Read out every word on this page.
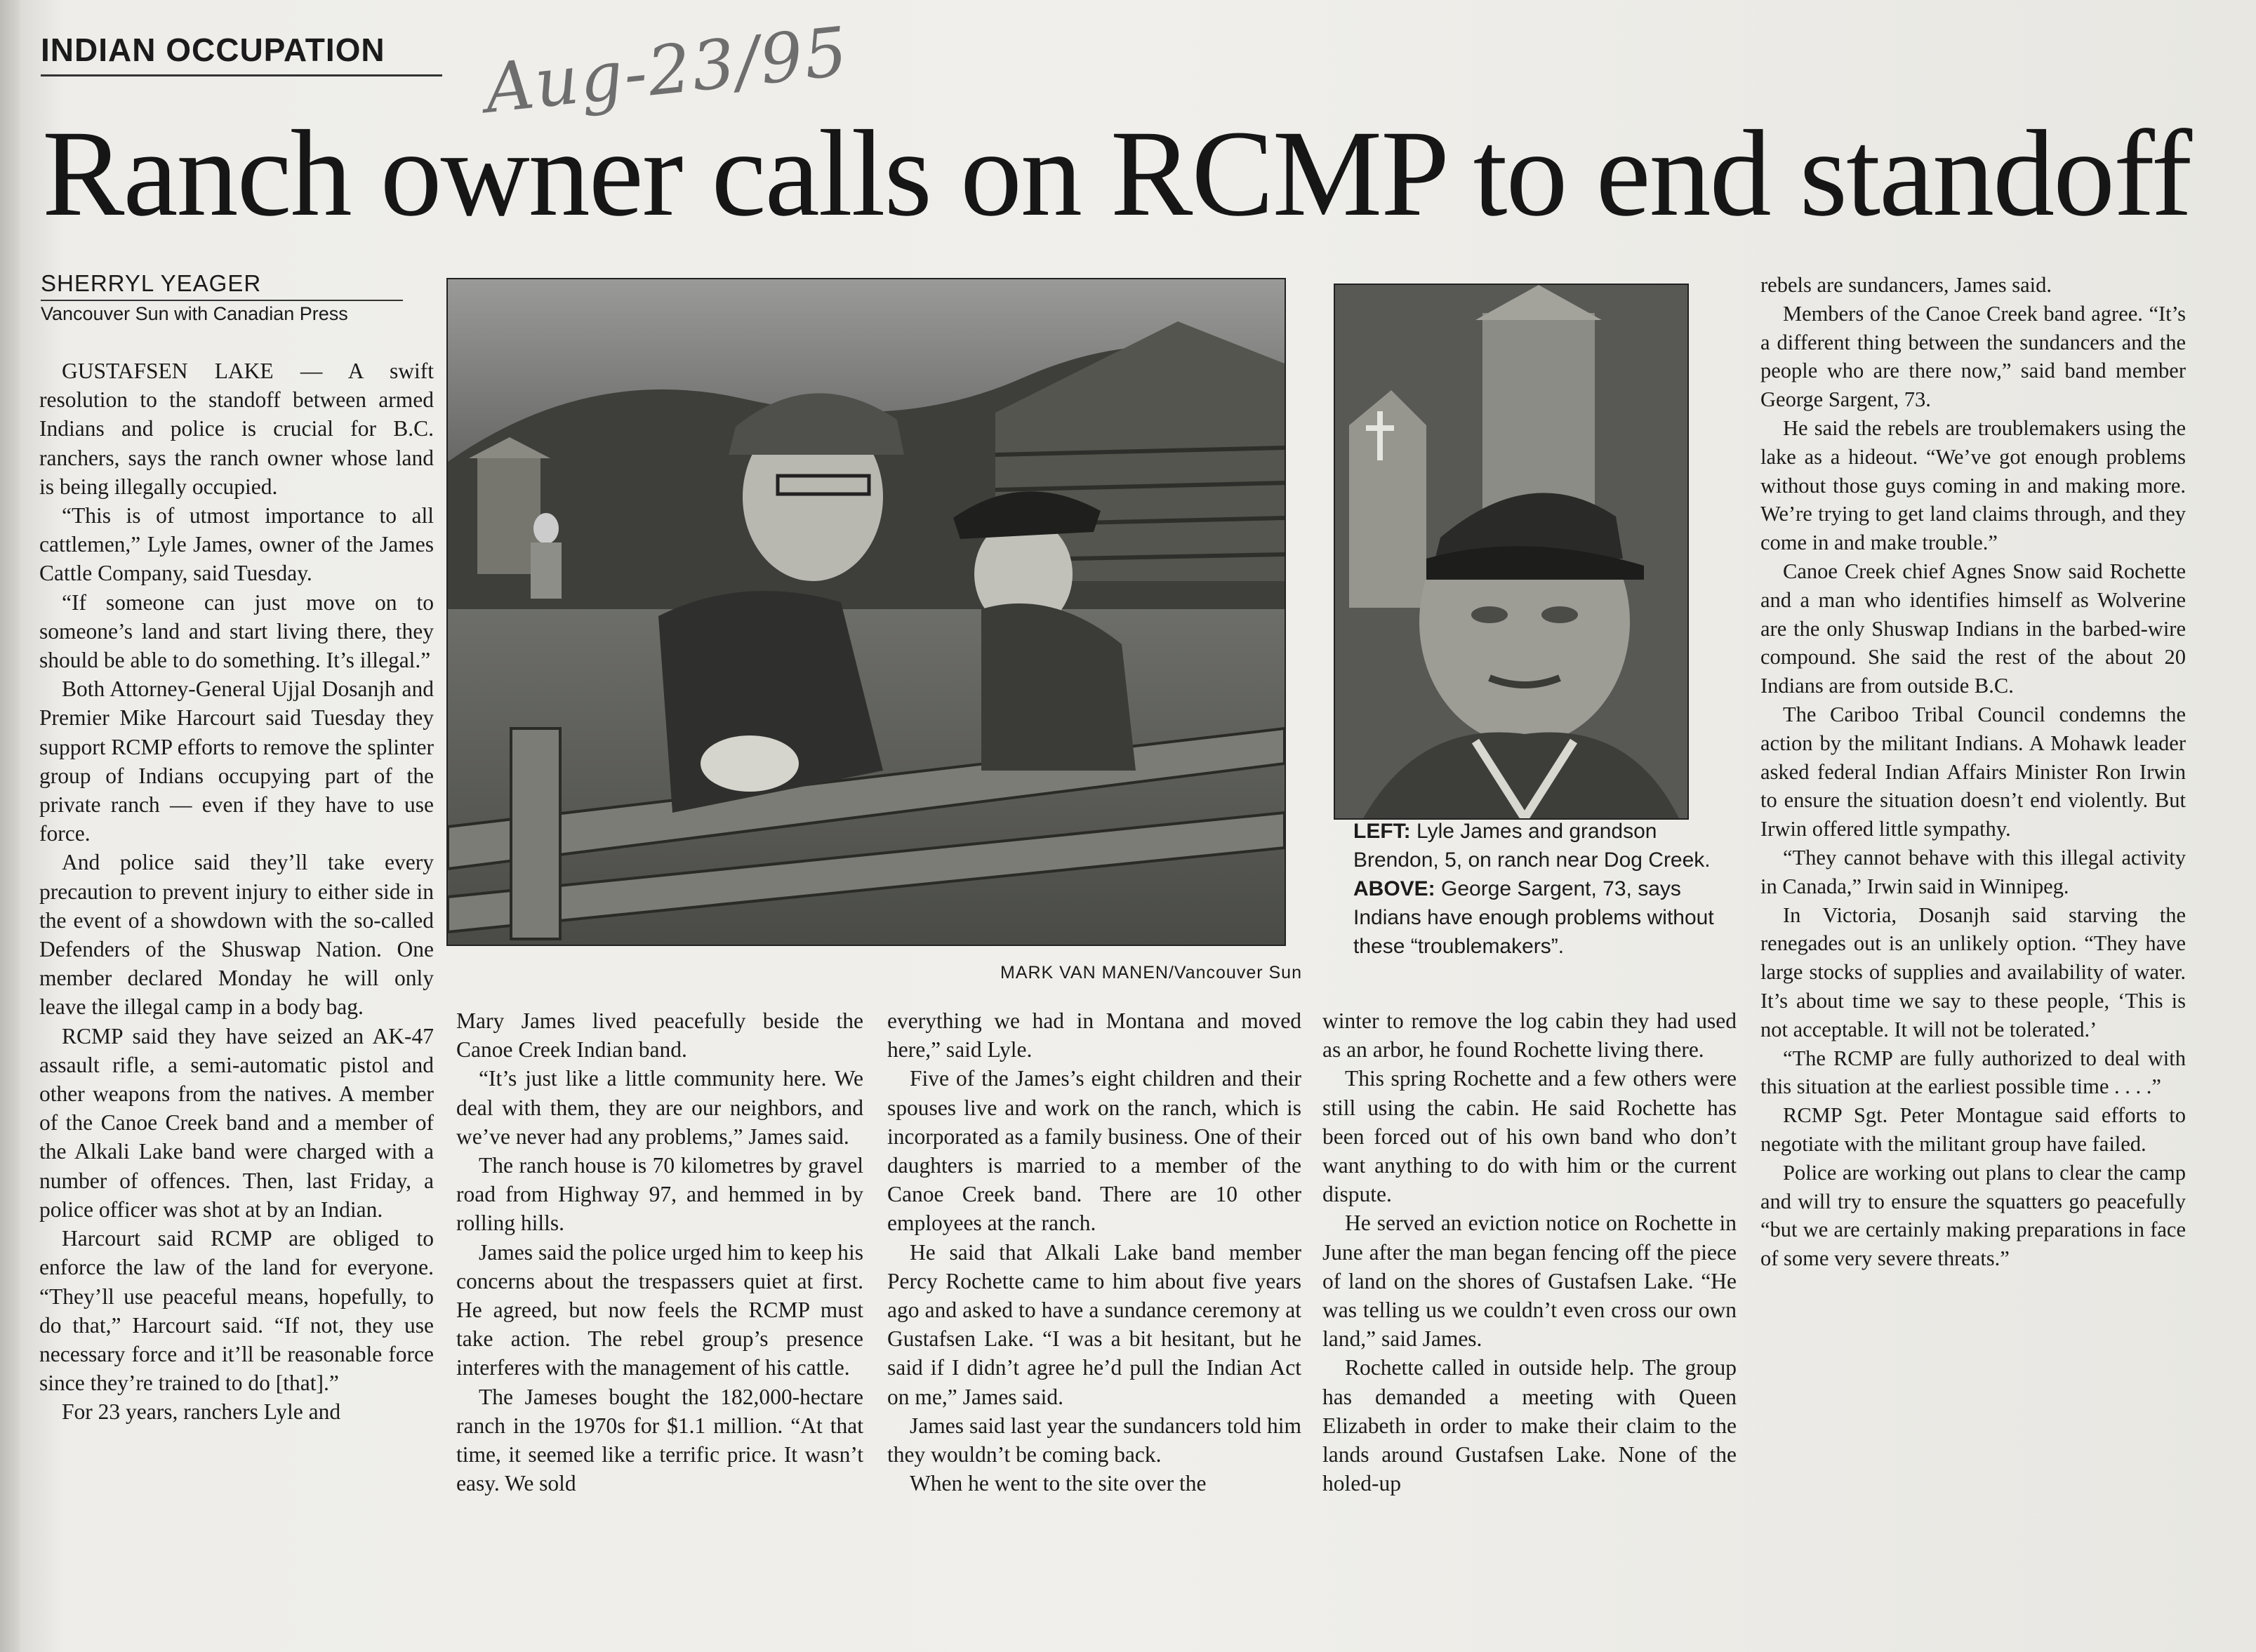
INDIAN OCCUPATION	Aug-23/95
Ranch owner calls on RCMP to end standoff
SHERRYL YEAGER
Vancouver Sun with Canadian Press
MARK VAN MANEN/Vancouver Sun
LEFT: Lyle James and grandson Brendon, 5, on ranch near Dog Creek. ABOVE: George Sargent, 73, says Indians have enough problems without these “troublemakers”.

GUSTAFSEN LAKE — A swift resolution to the standoff between armed Indians and police is crucial for B.C. ranchers, says the ranch owner whose land is being illegally occupied.

“This is of utmost importance to all cattlemen,” Lyle James, owner of the James Cattle Company, said Tuesday.

“If someone can just move on to someone’s land and start living there, they should be able to do something. It’s illegal.”

Both Attorney-General Ujjal Dosanjh and Premier Mike Harcourt said Tuesday they support RCMP efforts to remove the splinter group of Indians occupying part of the private ranch — even if they have to use force.

And police said they’ll take every precaution to prevent injury to either side in the event of a showdown with the so-called Defenders of the Shuswap Nation. One member declared Monday he will only leave the illegal camp in a body bag.

RCMP said they have seized an AK-47 assault rifle, a semi-automatic pistol and other weapons from the natives. A member of the Canoe Creek band and a member of the Alkali Lake band were charged with a number of offences. Then, last Friday, a police officer was shot at by an Indian.

Harcourt said RCMP are obliged to enforce the law of the land for everyone. “They’ll use peaceful means, hopefully, to do that,” Harcourt said. “If not, they use necessary force and it’ll be reasonable force since they’re trained to do [that].”

For 23 years, ranchers Lyle and

Mary James lived peacefully beside the Canoe Creek Indian band.

“It’s just like a little community here. We deal with them, they are our neighbors, and we’ve never had any problems,” James said.

The ranch house is 70 kilometres by gravel road from Highway 97, and hemmed in by rolling hills.

James said the police urged him to keep his concerns about the trespassers quiet at first. He agreed, but now feels the RCMP must take action. The rebel group’s presence interferes with the management of his cattle.

The Jameses bought the 182,000-hectare ranch in the 1970s for $1.1 million. “At that time, it seemed like a terrific price. It wasn’t easy. We sold

everything we had in Montana and moved here,” said Lyle.

Five of the James’s eight children and their spouses live and work on the ranch, which is incorporated as a family business. One of their daughters is married to a member of the Canoe Creek band. There are 10 other employees at the ranch.

He said that Alkali Lake band member Percy Rochette came to him about five years ago and asked to have a sundance ceremony at Gustafsen Lake. “I was a bit hesitant, but he said if I didn’t agree he’d pull the Indian Act on me,” James said.

James said last year the sundancers told him they wouldn’t be coming back.

When he went to the site over the

winter to remove the log cabin they had used as an arbor, he found Rochette living there.

This spring Rochette and a few others were still using the cabin. He said Rochette has been forced out of his own band who don’t want anything to do with him or the current dispute.

He served an eviction notice on Rochette in June after the man began fencing off the piece of land on the shores of Gustafsen Lake. “He was telling us we couldn’t even cross our own land,” said James.

Rochette called in outside help. The group has demanded a meeting with Queen Elizabeth in order to make their claim to the lands around Gustafsen Lake. None of the holed-up

rebels are sundancers, James said.

Members of the Canoe Creek band agree. “It’s a different thing between the sundancers and the people who are there now,” said band member George Sargent, 73.

He said the rebels are troublemakers using the lake as a hideout. “We’ve got enough problems without those guys coming in and making more. We’re trying to get land claims through, and they come in and make trouble.”

Canoe Creek chief Agnes Snow said Rochette and a man who identifies himself as Wolverine are the only Shuswap Indians in the barbed-wire compound. She said the rest of the about 20 Indians are from outside B.C.

The Cariboo Tribal Council condemns the action by the militant Indians. A Mohawk leader asked federal Indian Affairs Minister Ron Irwin to ensure the situation doesn’t end violently. But Irwin offered little sympathy.

“They cannot behave with this illegal activity in Canada,” Irwin said in Winnipeg.

In Victoria, Dosanjh said starving the renegades out is an unlikely option. “They have large stocks of supplies and availability of water. It’s about time we say to these people, ‘This is not acceptable. It will not be tolerated.’

“The RCMP are fully authorized to deal with this situation at the earliest possible time . . . .”

RCMP Sgt. Peter Montague said efforts to negotiate with the militant group have failed.

Police are working out plans to clear the camp and will try to ensure the squatters go peacefully “but we are certainly making preparations in face of some very severe threats.”
